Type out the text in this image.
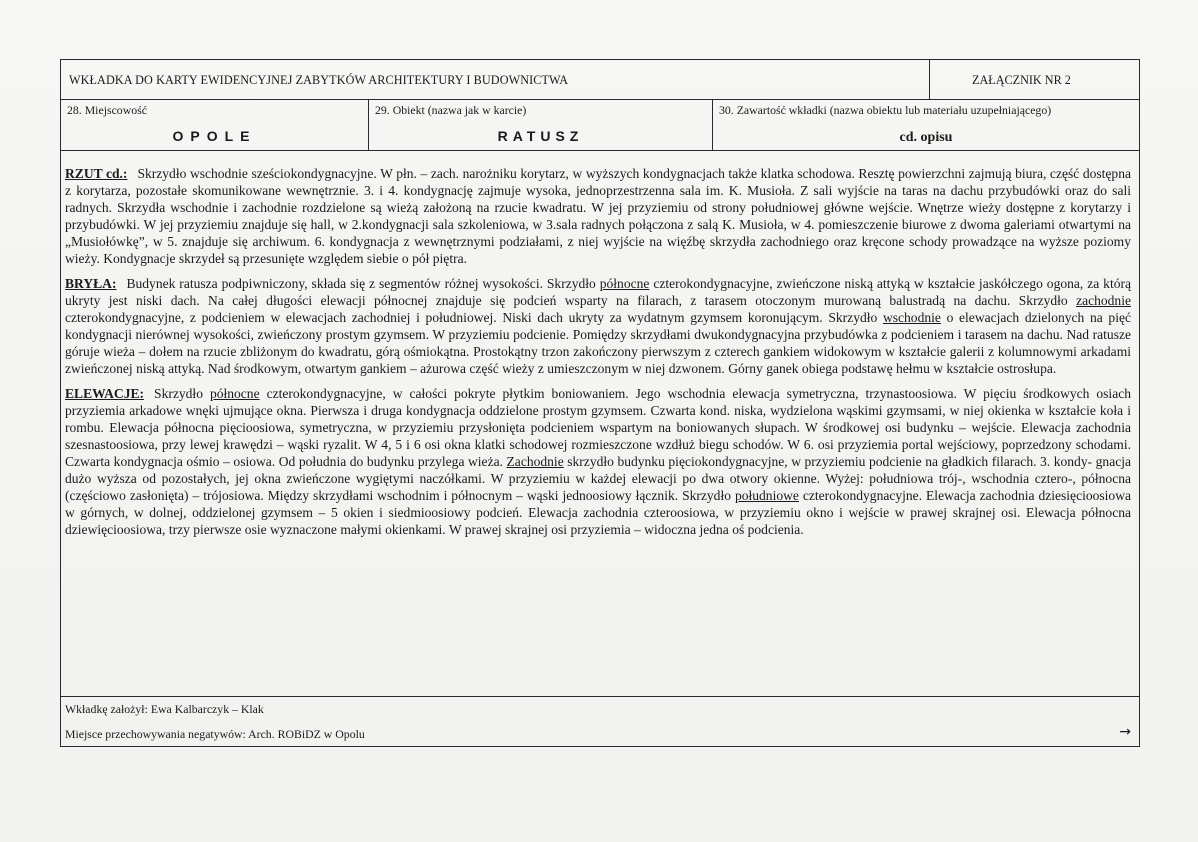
WKŁADKA DO KARTY EWIDENCYJNEJ ZABYTKÓW ARCHITEKTURY I BUDOWNICTWA	ZAŁĄCZNIK NR 2
28. Miejscowość
OPOLE
29. Obiekt (nazwa jak w karcie)
RATUSZ
30. Zawartość wkładki (nazwa obiektu lub materiału uzupełniającego)
cd. opisu

RZUT cd.: Skrzydło wschodnie sześciokondygnacyjne. W płn. – zach. narożniku korytarz, w wyższych kondygnacjach także klatka schodowa. Resztę powierzchni zajmują biura, część dostępna z korytarza, pozostałe skomunikowane wewnętrznie. 3. i 4. kondygnację zajmuje wysoka, jednoprzestrzenna sala im. K. Musioła. Z sali wyjście na taras na dachu przybudówki oraz do sali radnych. Skrzydła wschodnie i zachodnie rozdzielone są wieżą założoną na rzucie kwadratu. W jej przyziemiu od strony południowej główne wejście. Wnętrze wieży dostępne z korytarzy i przybudówki. W jej przyziemiu znajduje się hall, w 2.kondygnacji sala szkoleniowa, w 3.sala radnych połączona z salą K. Musioła, w 4. pomieszczenie biurowe z dwoma galeriami otwartymi na „Musiołówkę”, w 5. znajduje się archiwum. 6. kondygnacja z wewnętrznymi podziałami, z niej wyjście na więźbę skrzydła zachodniego oraz kręcone schody prowadzące na wyższe poziomy wieży. Kondygnacje skrzydeł są przesunięte względem siebie o pół piętra.

BRYŁA: Budynek ratusza podpiwniczony, składa się z segmentów różnej wysokości. Skrzydło północne czterokondygnacyjne, zwieńczone niską attyką w kształcie jaskółczego ogona, za którą ukryty jest niski dach. Na całej długości elewacji północnej znajduje się podcień wsparty na filarach, z tarasem otoczonym murowaną balustradą na dachu. Skrzydło zachodnie czterokondygnacyjne, z podcieniem w elewacjach zachodniej i południowej. Niski dach ukryty za wydatnym gzymsem koronującym. Skrzydło wschodnie o elewacjach dzielonych na pięć kondygnacji nierównej wysokości, zwieńczony prostym gzymsem. W przyziemiu podcienie. Pomiędzy skrzydłami dwukondygnacyjna przybudówka z podcieniem i tarasem na dachu. Nad ratusze góruje wieża – dołem na rzucie zbliżonym do kwadratu, górą ośmiokątna. Prostokątny trzon zakończony pierwszym z czterech gankiem widokowym w kształcie galerii z kolumnowymi arkadami zwieńczonej niską attyką. Nad środkowym, otwartym gankiem – ażurowa część wieży z umieszczonym w niej dzwonem. Górny ganek obiega podstawę hełmu w kształcie ostrosłupa.

ELEWACJE: Skrzydło północne czterokondygnacyjne, w całości pokryte płytkim boniowaniem. Jego wschodnia elewacja symetryczna, trzynastoosiowa. W pięciu środkowych osiach przyziemia arkadowe wnęki ujmujące okna. Pierwsza i druga kondygnacja oddzielone prostym gzymsem. Czwarta kond. niska, wydzielona wąskimi gzymsami, w niej okienka w kształcie koła i rombu. Elewacja północna pięcioosiowa, symetryczna, w przyziemiu przysłonięta podcieniem wspartym na boniowanych słupach. W środkowej osi budynku – wejście. Elewacja zachodnia szesnastoosiowa, przy lewej krawędzi – wąski ryzalit. W 4, 5 i 6 osi okna klatki schodowej rozmieszczone wzdłuż biegu schodów. W 6. osi przyziemia portal wejściowy, poprzedzony schodami. Czwarta kondygnacja ośmio – osiowa. Od południa do budynku przylega wieża. Zachodnie skrzydło budynku pięciokondygnacyjne, w przyziemiu podcienie na gładkich filarach. 3. kondy- gnacja dużo wyższa od pozostałych, jej okna zwieńczone wygiętymi naczółkami. W przyziemiu w każdej elewacji po dwa otwory okienne. Wyżej: południowa trój-, wschodnia cztero-, północna (częściowo zasłonięta) – trójosiowa. Między skrzydłami wschodnim i północnym – wąski jednoosiowy łącznik. Skrzydło południowe czterokondygnacyjne. Elewacja zachodnia dziesięcioosiowa w górnych, w dolnej, oddzielonej gzymsem – 5 okien i siedmioosiowy podcień. Elewacja zachodnia czteroosiowa, w przyziemiu okno i wejście w prawej skrajnej osi. Elewacja północna dziewięcioosiowa, trzy pierwsze osie wyznaczone małymi okienkami. W prawej skrajnej osi przyziemia – widoczna jedna oś podcienia.

Wkładkę założył: Ewa Kalbarczyk – Klak
Miejsce przechowywania negatywów: Arch. ROBiDZ w Opolu	→
